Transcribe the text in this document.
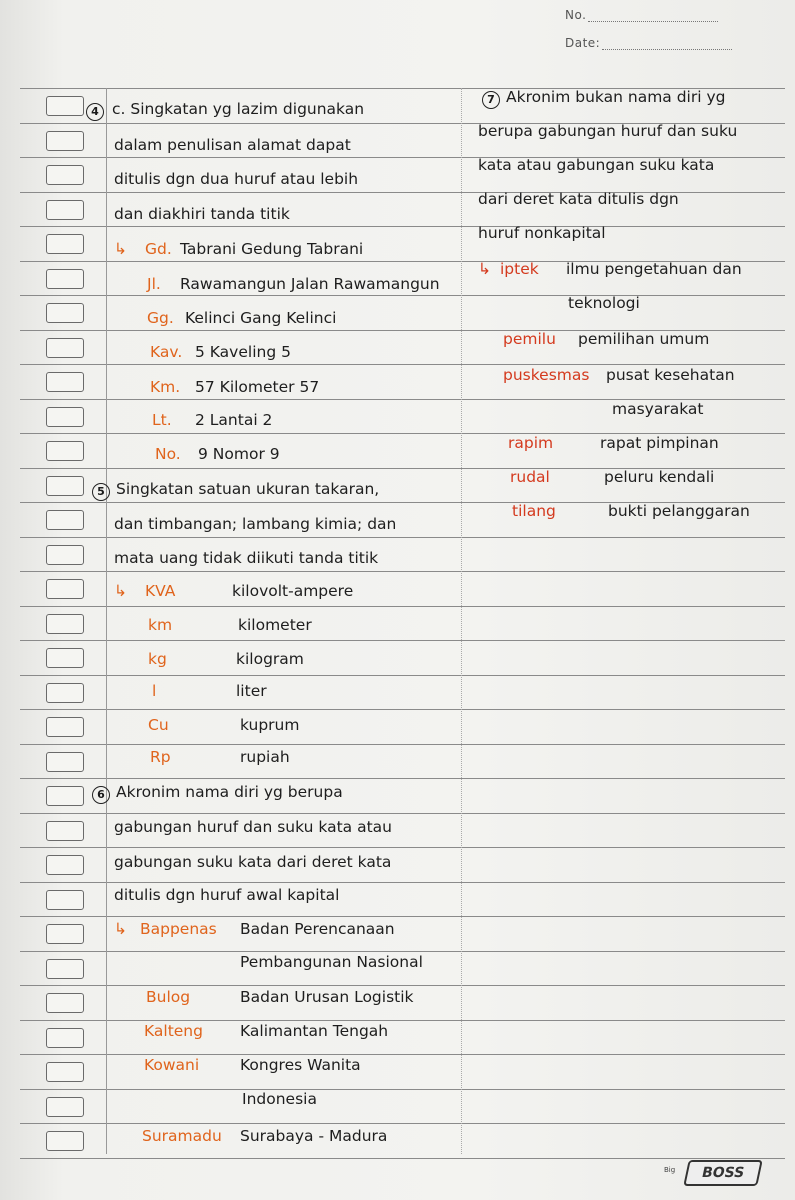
No.
Date:
4 c. Singkatan yg lazim digunakan
dalam penulisan alamat dapat
ditulis dgn dua huruf atau lebih
dan diakhiri tanda titik
↳ Gd. Tabrani Gedung Tabrani
Jl. Rawamangun Jalan Rawamangun
Gg. Kelinci Gang Kelinci
Kav. 5 Kaveling 5
Km. 57 Kilometer 57
Lt. 2 Lantai 2
No. 9 Nomor 9
5 Singkatan satuan ukuran takaran,
dan timbangan; lambang kimia; dan
mata uang tidak diikuti tanda titik
↳ KVA	kilovolt-ampere
km	kilometer
kg	kilogram
l	liter
Cu	kuprum
Rp	rupiah
6 Akronim nama diri yg berupa
gabungan huruf dan suku kata atau
gabungan suku kata dari deret kata
ditulis dgn huruf awal kapital
↳ Bappenas Badan Perencanaan
Pembangunan Nasional
Bulog	Badan Urusan Logistik
Kalteng Kalimantan Tengah
Kowani	Kongres Wanita
Indonesia
Suramadu Surabaya - Madura
7 Akronim bukan nama diri yg
berupa gabungan huruf dan suku
kata atau gabungan suku kata
dari deret kata ditulis dgn
huruf nonkapital
↳ iptek ilmu pengetahuan dan
teknologi
pemilu pemilihan umum
puskesmas pusat kesehatan
masyarakat
rapim	rapat pimpinan
rudal	peluru kendali
tilang	bukti pelanggaran
Big	BOSS
